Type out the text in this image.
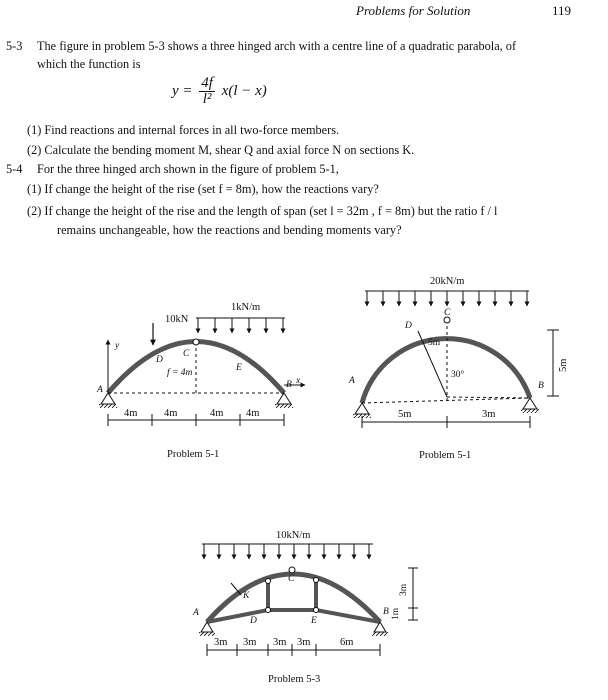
Problems for Solution	119
5-3 The figure in problem 5-3 shows a three hinged arch with a centre line of a quadratic parabola, of
which the function is
$y = \frac{4f}{\text{l²}} x(l - x)$
(1) Find reactions and internal forces in all two-force members.
(2) Calculate the bending moment M, shear Q and axial force N on sections K.
5-4 For the three hinged arch shown in the figure of problem 5-1,
(1) If change the height of the rise (set f = 8m), how the reactions vary?
(2) If change the height of the rise and the length of span (set l = 32m , f = 8m) but the ratio f / l
remains unchangeable, how the reactions and bending moments vary?
1kN/m
10kN
y
x
A	B
C
D
E
f = 4m
4m	4m	4m 4m
Problem 5-1
20kN/m
5m
A	B
C
D
5m
30°
5m	3m
Problem 5-1
10kN/m
3m
1m
A	B
C
D	E
K
3m 3m 3m 3m	6m
Problem 5-3
